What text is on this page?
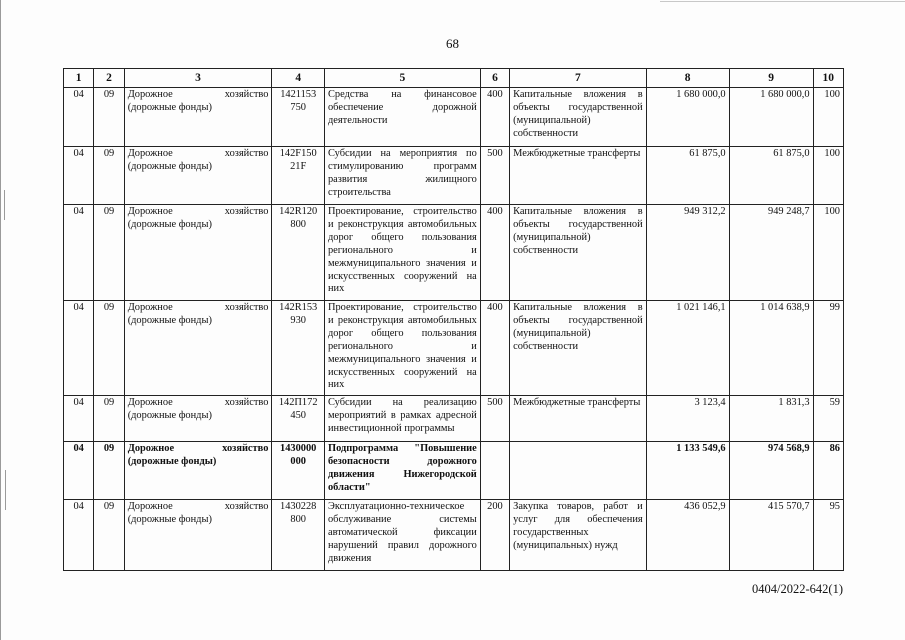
68
1	2	3	4	5	6	7	8	9	10
04	09	Дорожное хозяйство (дорожные фонды)	1421153 750	Средства на финансовое обеспечение дорожной деятельности	400	Капитальные вложения в объекты государственной (муниципальной) собственности	1 680 000,0	1 680 000,0	100
04	09	Дорожное хозяйство (дорожные фонды)	142F150 21F	Субсидии на мероприятия по стимулированию программ развития жилищного строительства	500	Межбюджетные трансферты	61 875,0	61 875,0	100
04	09	Дорожное хозяйство (дорожные фонды)	142R120 800	Проектирование, строительство и реконструкция автомобильных дорог общего пользования регионального и межмуниципального значения и искусственных сооружений на них	400	Капитальные вложения в объекты государственной (муниципальной) собственности	949 312,2	949 248,7	100
04	09	Дорожное хозяйство (дорожные фонды)	142R153 930	Проектирование, строительство и реконструкция автомобильных дорог общего пользования регионального и межмуниципального значения и искусственных сооружений на них	400	Капитальные вложения в объекты государственной (муниципальной) собственности	1 021 146,1	1 014 638,9	99
04	09	Дорожное хозяйство (дорожные фонды)	142П172 450	Субсидии на реализацию мероприятий в рамках адресной инвестиционной программы	500	Межбюджетные трансферты	3 123,4	1 831,3	59
04	09	Дорожное хозяйство (дорожные фонды)	1430000 000	Подпрограмма "Повышение безопасности дорожного движения Нижегородской области"			1 133 549,6	974 568,9	86
04	09	Дорожное хозяйство (дорожные фонды)	1430228 800	Эксплуатационно-техническое обслуживание системы автоматической фиксации нарушений правил дорожного движения	200	Закупка товаров, работ и услуг для обеспечения государственных (муниципальных) нужд	436 052,9	415 570,7	95
0404/2022-642(1)
